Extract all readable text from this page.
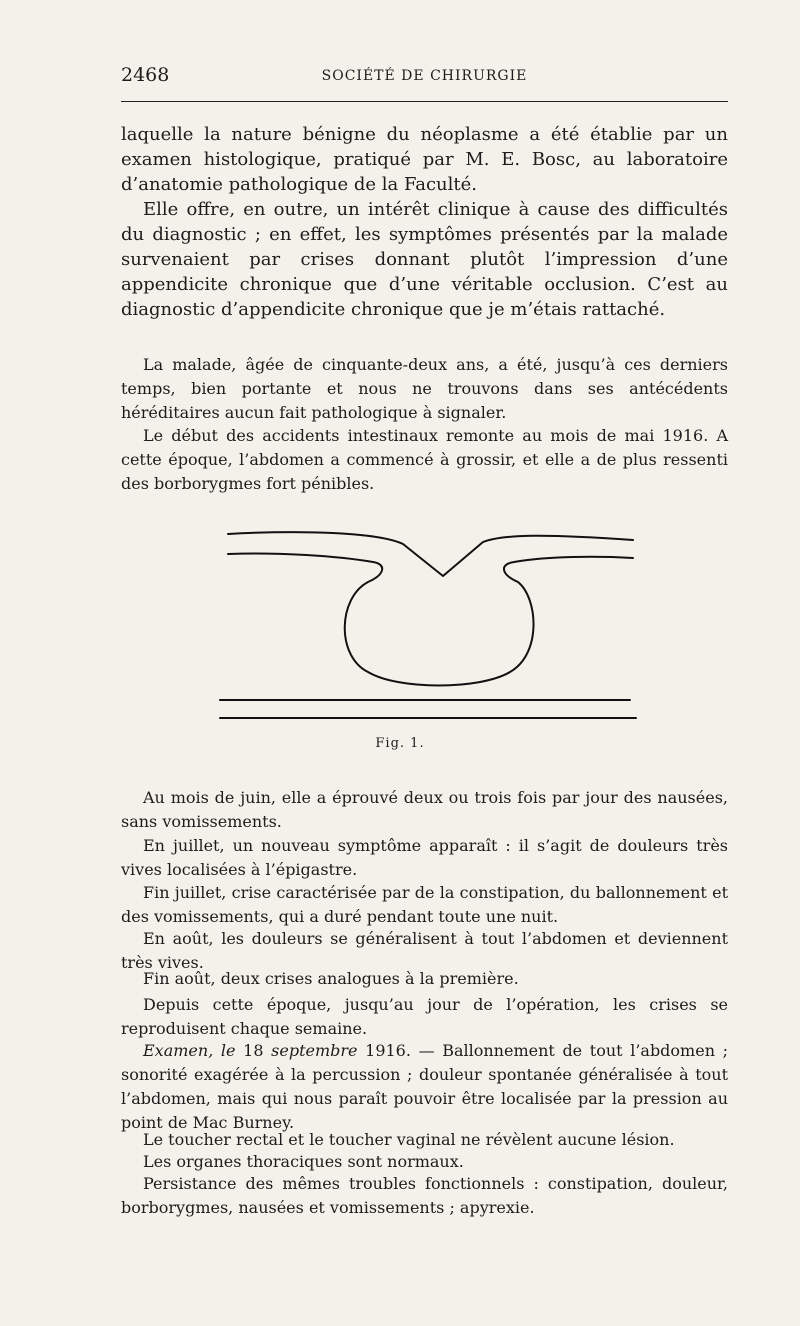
2468	SOCIÉTÉ DE CHIRURGIE

laquelle la nature bénigne du néoplasme a été établie par un examen histologique, pratiqué par M. E. Bosc, au laboratoire d’anatomie pathologique de la Faculté.

Elle offre, en outre, un intérêt clinique à cause des difficultés du diagnostic ; en effet, les symptômes présentés par la malade survenaient par crises donnant plutôt l’impression d’une appendicite chronique que d’une véritable occlusion. C’est au diagnostic d’appendicite chronique que je m’étais rattaché.

La malade, âgée de cinquante-deux ans, a été, jusqu’à ces derniers temps, bien portante et nous ne trouvons dans ses antécédents héréditaires aucun fait pathologique à signaler.

Le début des accidents intestinaux remonte au mois de mai 1916. A cette époque, l’abdomen a commencé à grossir, et elle a de plus ressenti des borborygmes fort pénibles.

Fig. 1.

Au mois de juin, elle a éprouvé deux ou trois fois par jour des nausées, sans vomissements.

En juillet, un nouveau symptôme apparaît : il s’agit de douleurs très vives localisées à l’épigastre.

Fin juillet, crise caractérisée par de la constipation, du ballonnement et des vomissements, qui a duré pendant toute une nuit.

En août, les douleurs se généralisent à tout l’abdomen et deviennent très vives.

Fin août, deux crises analogues à la première.

Depuis cette époque, jusqu’au jour de l’opération, les crises se reproduisent chaque semaine.

Examen, le 18 septembre 1916. — Ballonnement de tout l’abdomen ; sonorité exagérée à la percussion ; douleur spontanée généralisée à tout l’abdomen, mais qui nous paraît pouvoir être localisée par la pression au point de Mac Burney.

Le toucher rectal et le toucher vaginal ne révèlent aucune lésion.

Les organes thoraciques sont normaux.

Persistance des mêmes troubles fonctionnels : constipation, douleur, borborygmes, nausées et vomissements ; apyrexie.
